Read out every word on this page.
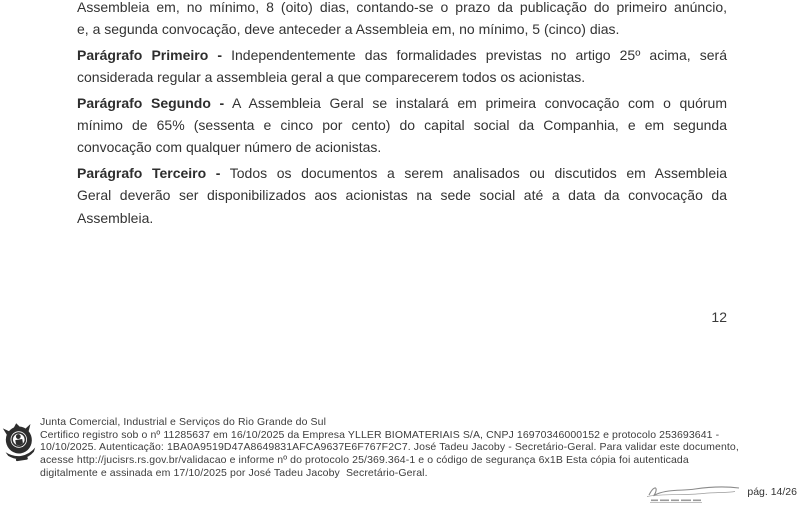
Assembleia em, no mínimo, 8 (oito) dias, contando-se o prazo da publicação do primeiro anúncio,
e, a segunda convocação, deve anteceder a Assembleia em, no mínimo, 5 (cinco) dias.
Parágrafo Primeiro - Independentemente das formalidades previstas no artigo 25º acima, será
considerada regular a assembleia geral a que comparecerem todos os acionistas.
Parágrafo Segundo - A Assembleia Geral se instalará em primeira convocação com o quórum
mínimo de 65% (sessenta e cinco por cento) do capital social da Companhia, e em segunda
convocação com qualquer número de acionistas.
Parágrafo Terceiro - Todos os documentos a serem analisados ou discutidos em Assembleia
Geral deverão ser disponibilizados aos acionistas na sede social até a data da convocação da
Assembleia.
12
Junta Comercial, Industrial e Serviços do Rio Grande do Sul
Certifico registro sob o nº 11285637 em 16/10/2025 da Empresa YLLER BIOMATERIAIS S/A, CNPJ 16970346000152 e protocolo 253693641 -
10/10/2025. Autenticação: 1BA0A9519D47A8649831AFCA9637E6F767F2C7. José Tadeu Jacoby - Secretário-Geral. Para validar este documento,
acesse http://jucisrs.rs.gov.br/validacao e informe nº do protocolo 25/369.364-1 e o código de segurança 6x1B Esta cópia foi autenticada
digitalmente e assinada em 17/10/2025 por José Tadeu Jacoby  Secretário-Geral.
pág. 14/26
